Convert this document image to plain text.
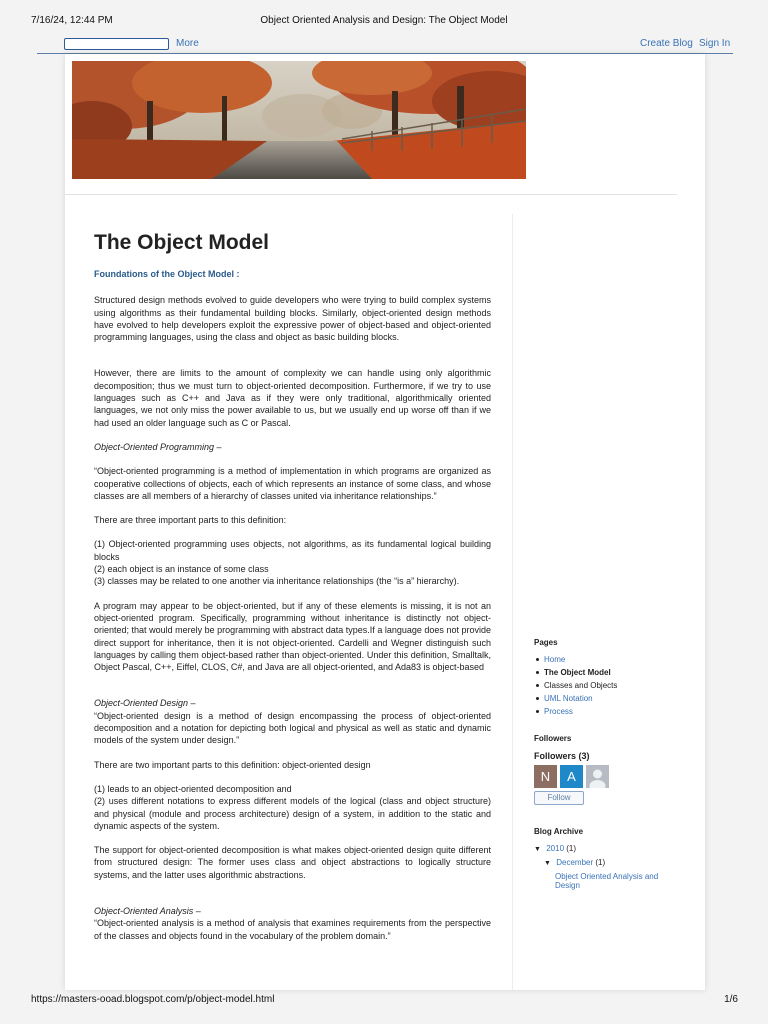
7/16/24, 12:44 PM	Object Oriented Analysis and Design: The Object Model
More	Create Blog Sign In
The Object Model
Foundations of the Object Model :

Structured design methods evolved to guide developers who were trying to build complex systems using algorithms as their fundamental building blocks. Similarly, object-oriented design methods have evolved to help developers exploit the expressive power of object-based and object-oriented programming languages, using the class and object as basic building blocks.

However, there are limits to the amount of complexity we can handle using only algorithmic decomposition; thus we must turn to object-oriented decomposition. Furthermore, if we try to use languages such as C++ and Java as if they were only traditional, algorithmically oriented languages, we not only miss the power available to us, but we usually end up worse off than if we had used an older language such as C or Pascal.

Object-Oriented Programming –

“Object-oriented programming is a method of implementation in which programs are organized as cooperative collections of objects, each of which represents an instance of some class, and whose classes are all members of a hierarchy of classes united via inheritance relationships.”

There are three important parts to this definition:

(1) Object-oriented programming uses objects, not algorithms, as its fundamental logical building blocks
(2) each object is an instance of some class
(3) classes may be related to one another via inheritance relationships (the “is a” hierarchy).

A program may appear to be object-oriented, but if any of these elements is missing, it is not an object-oriented program. Specifically, programming without inheritance is distinctly not object-oriented; that would merely be programming with abstract data types.If a language does not provide direct support for inheritance, then it is not object-oriented. Cardelli and Wegner distinguish such languages by calling them object-based rather than object-oriented. Under this definition, Smalltalk, Object Pascal, C++, Eiffel, CLOS, C#, and Java are all object-oriented, and Ada83 is object-based

Object-Oriented Design –
“Object-oriented design is a method of design encompassing the process of object-oriented decomposition and a notation for depicting both logical and physical as well as static and dynamic models of the system under design.”

There are two important parts to this definition: object-oriented design

(1) leads to an object-oriented decomposition and
(2) uses different notations to express different models of the logical (class and object structure) and physical (module and process architecture) design of a system, in addition to the static and dynamic aspects of the system.

The support for object-oriented decomposition is what makes object-oriented design quite different from structured design: The former uses class and object abstractions to logically structure systems, and the latter uses algorithmic abstractions.

Object-Oriented Analysis –
“Object-oriented analysis is a method of analysis that examines requirements from the perspective of the classes and objects found in the vocabulary of the problem domain.”

Pages
Home
The Object Model
Classes and Objects
UML Notation
Process
Followers
Followers (3)
N	A
Follow
Blog Archive
▼ 2010 (1)
▼ December (1)
Object Oriented Analysis and Design
https://masters-ooad.blogspot.com/p/object-model.html	1/6
